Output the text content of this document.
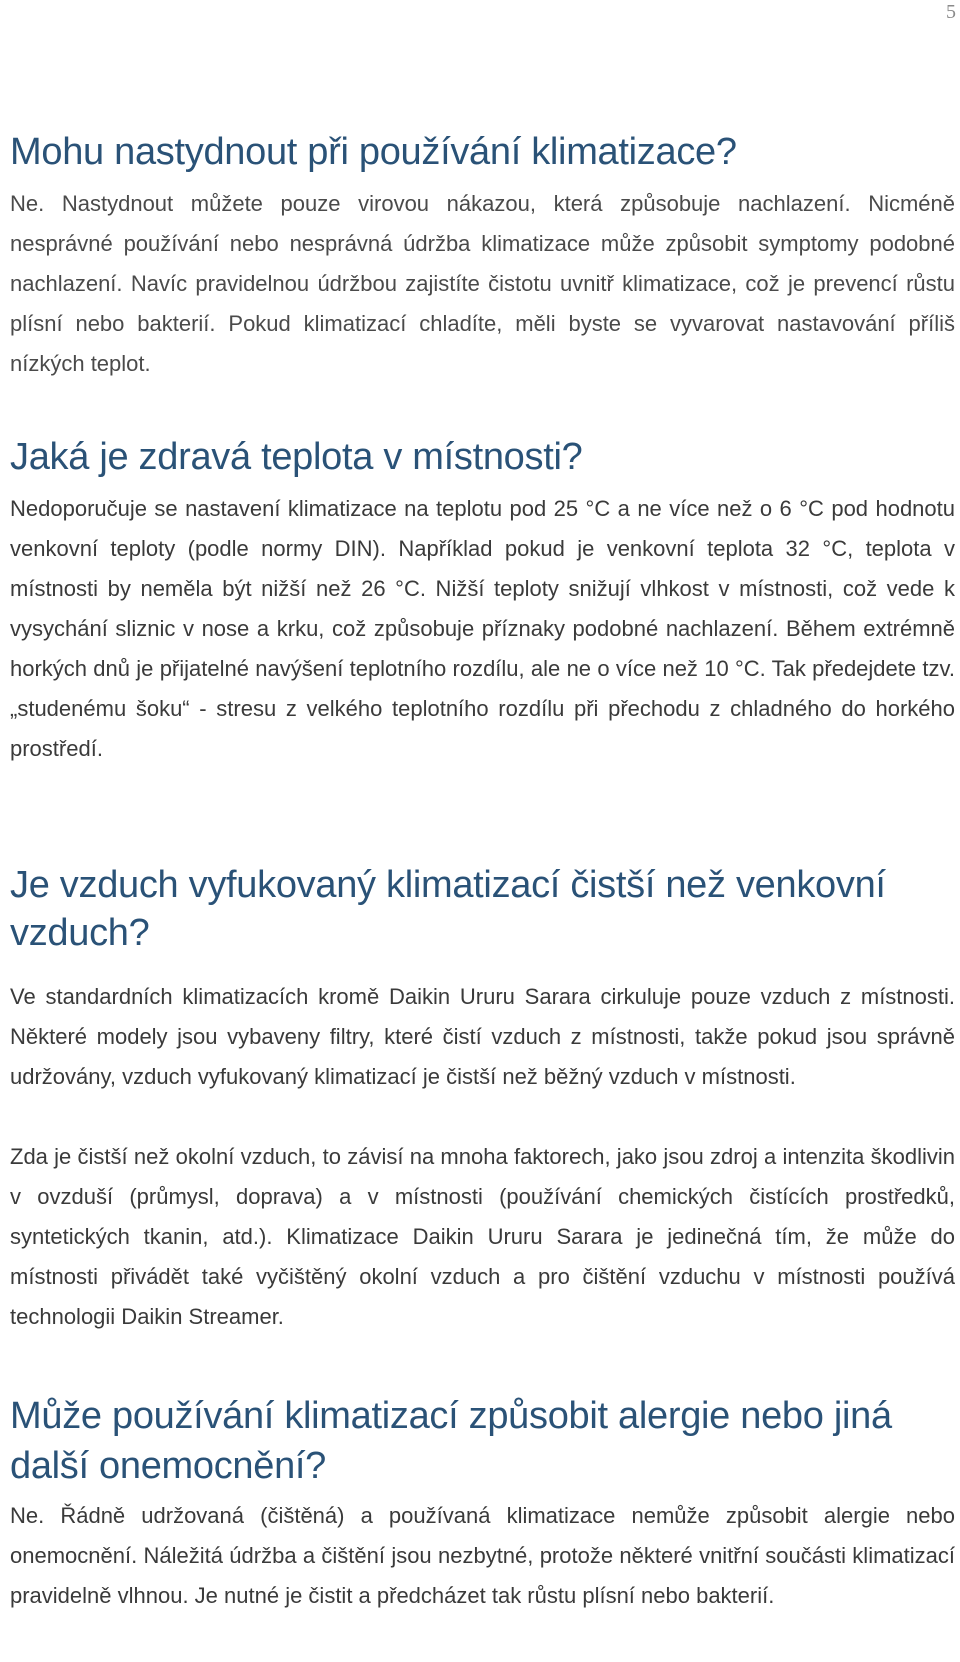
5
Mohu nastydnout při používání klimatizace?

Ne. Nastydnout můžete pouze virovou nákazou, která způsobuje nachlazení. Nicméně nesprávné používání nebo nesprávná údržba klimatizace může způsobit symptomy podobné nachlazení. Navíc pravidelnou údržbou zajistíte čistotu uvnitř klimatizace, což je prevencí růstu plísní nebo bakterií. Pokud klimatizací chladíte, měli byste se vyvarovat nastavování příliš nízkých teplot.

Jaká je zdravá teplota v místnosti?

Nedoporučuje se nastavení klimatizace na teplotu pod 25 °C a ne více než o 6 °C pod hodnotu venkovní teploty (podle normy DIN). Například pokud je venkovní teplota 32 °C, teplota v místnosti by neměla být nižší než 26 °C. Nižší teploty snižují vlhkost v místnosti, což vede k vysychání sliznic v nose a krku, což způsobuje příznaky podobné nachlazení. Během extrémně horkých dnů je přijatelné navýšení teplotního rozdílu, ale ne o více než 10 °C. Tak předejdete tzv. „studenému šoku“ - stresu z velkého teplotního rozdílu při přechodu z chladného do horkého prostředí.

Je vzduch vyfukovaný klimatizací čistší než venkovní vzduch?

Ve standardních klimatizacích kromě Daikin Ururu Sarara cirkuluje pouze vzduch z místnosti. Některé modely jsou vybaveny filtry, které čistí vzduch z místnosti, takže pokud jsou správně udržovány, vzduch vyfukovaný klimatizací je čistší než běžný vzduch v místnosti.

Zda je čistší než okolní vzduch, to závisí na mnoha faktorech, jako jsou zdroj a intenzita škodlivin v ovzduší (průmysl, doprava) a v místnosti (používání chemických čistících prostředků, syntetických tkanin, atd.). Klimatizace Daikin Ururu Sarara je jedinečná tím, že může do místnosti přivádět také vyčištěný okolní vzduch a pro čištění vzduchu v místnosti používá technologii Daikin Streamer.

Může používání klimatizací způsobit alergie nebo jiná další onemocnění?

Ne. Řádně udržovaná (čištěná) a používaná klimatizace nemůže způsobit alergie nebo onemocnění. Náležitá údržba a čištění jsou nezbytné, protože některé vnitřní součásti klimatizací pravidelně vlhnou. Je nutné je čistit a předcházet tak růstu plísní nebo bakterií.
